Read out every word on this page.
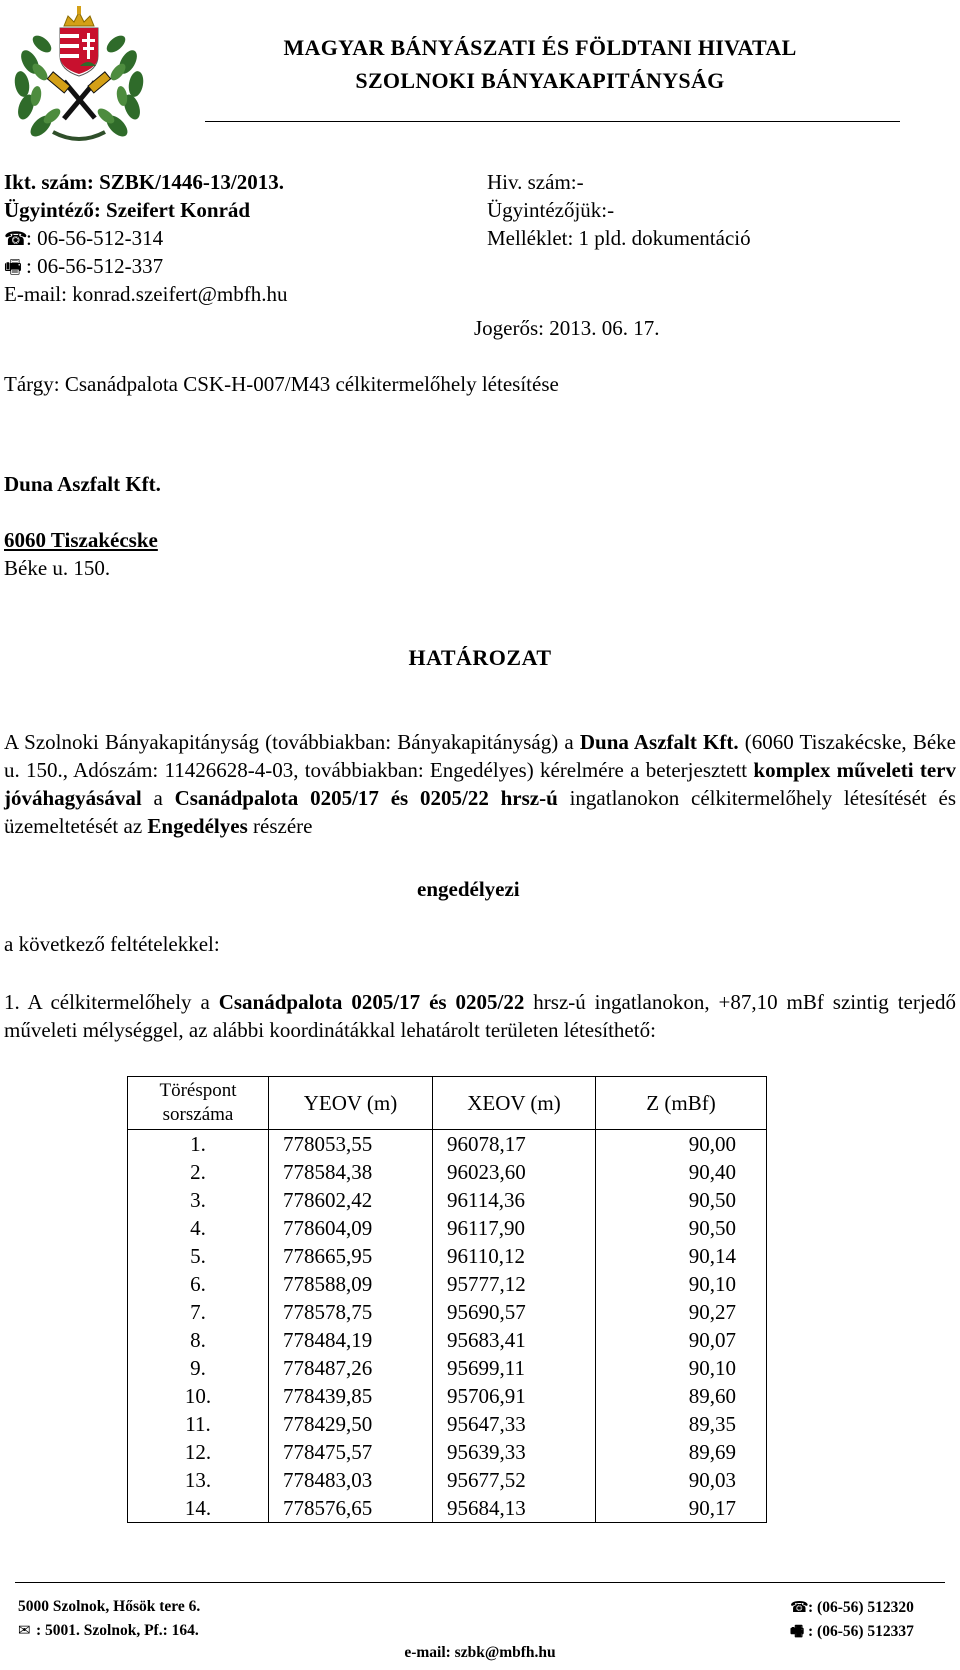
MAGYAR BÁNYÁSZATI ÉS FÖLDTANI HIVATAL
SZOLNOKI BÁNYAKAPITÁNYSÁG
Ikt. szám: SZBK/1446-13/2013.
Ügyintéző: Szeifert Konrád
☎: 06-56-512-314
🖷 : 06-56-512-337
E-mail: konrad.szeifert@mbfh.hu
Hiv. szám:-
Ügyintézőjük:-
Melléklet: 1 pld. dokumentáció
Jogerős: 2013. 06. 17.
Tárgy: Csanádpalota CSK-H-007/M43 célkitermelőhely létesítése
Duna Aszfalt Kft.
6060 Tiszakécske
Béke u. 150.
HATÁROZAT
A Szolnoki Bányakapitányság (továbbiakban: Bányakapitányság) a Duna Aszfalt Kft. (6060 Tiszakécske, Béke u. 150., Adószám: 11426628-4-03, továbbiakban: Engedélyes) kérelmére a beterjesztett komplex műveleti terv jóváhagyásával a Csanádpalota 0205/17 és 0205/22 hrsz-ú ingatlanokon célkitermelőhely létesítését és üzemeltetését az Engedélyes részére
engedélyezi
a következő feltételekkel:
1. A célkitermelőhely a Csanádpalota 0205/17 és 0205/22 hrsz-ú ingatlanokon, +87,10 mBf szintig terjedő műveleti mélységgel, az alábbi koordinátákkal lehatárolt területen létesíthető:
Töréspont sorszáma	YEOV (m)	XEOV (m)	Z (mBf)
1.	778053,55	96078,17	90,00
2.	778584,38	96023,60	90,40
3.	778602,42	96114,36	90,50
4.	778604,09	96117,90	90,50
5.	778665,95	96110,12	90,14
6.	778588,09	95777,12	90,10
7.	778578,75	95690,57	90,27
8.	778484,19	95683,41	90,07
9.	778487,26	95699,11	90,10
10.	778439,85	95706,91	89,60
11.	778429,50	95647,33	89,35
12.	778475,57	95639,33	89,69
13.	778483,03	95677,52	90,03
14.	778576,65	95684,13	90,17
5000 Szolnok, Hősök tere 6.
✉ : 5001. Szolnok, Pf.: 164.
☎: (06-56) 512320
🖷 : (06-56) 512337
e-mail: szbk@mbfh.hu
